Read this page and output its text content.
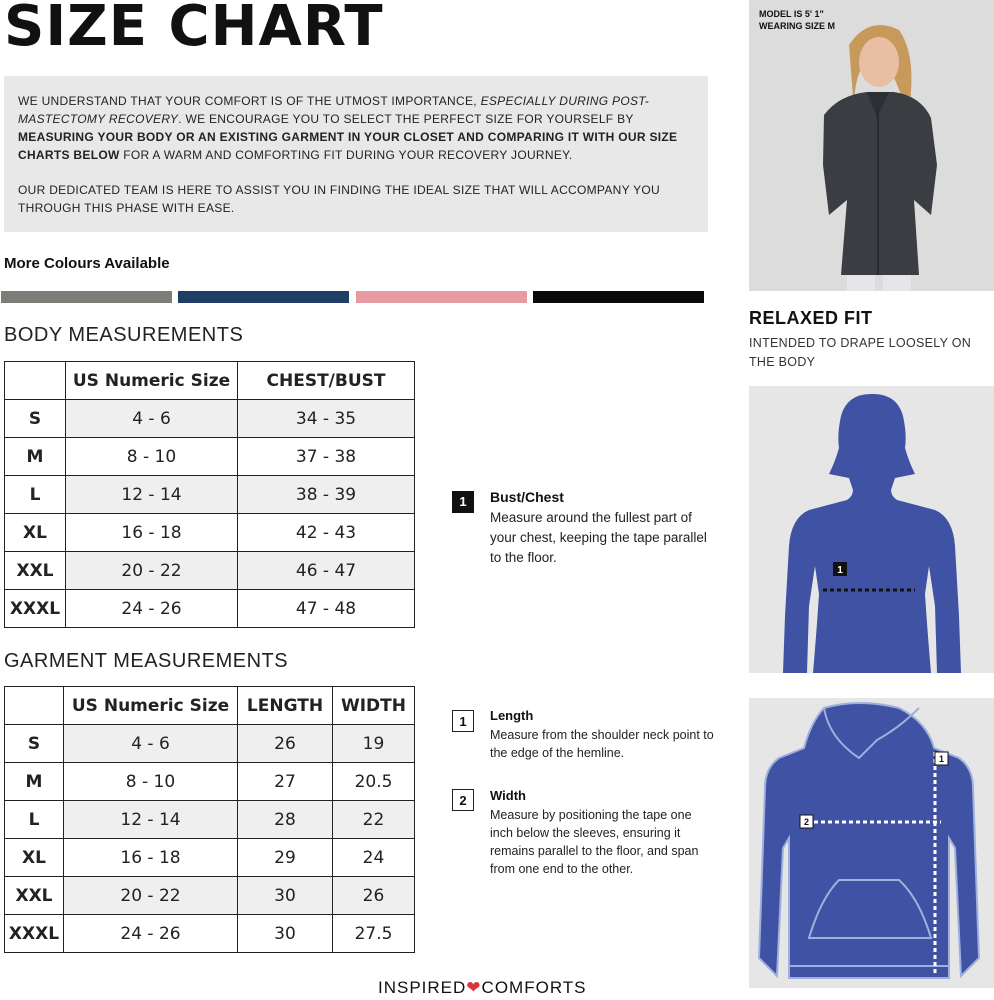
SIZE CHART

WE UNDERSTAND THAT YOUR COMFORT IS OF THE UTMOST IMPORTANCE, ESPECIALLY DURING POST-MASTECTOMY RECOVERY. WE ENCOURAGE YOU TO SELECT THE PERFECT SIZE FOR YOURSELF BY MEASURING YOUR BODY OR AN EXISTING GARMENT IN YOUR CLOSET AND COMPARING IT WITH OUR SIZE CHARTS BELOW FOR A WARM AND COMFORTING FIT DURING YOUR RECOVERY JOURNEY.

OUR DEDICATED TEAM IS HERE TO ASSIST YOU IN FINDING THE IDEAL SIZE THAT WILL ACCOMPANY YOU THROUGH THIS PHASE WITH EASE.

More Colours Available
BODY MEASUREMENTS
	US Numeric Size	CHEST/BUST
S	4 - 6	34 - 35
M	8 - 10	37 - 38
L	12 - 14	38 - 39
XL	16 - 18	42 - 43
XXL	20 - 22	46 - 47
XXXL	24 - 26	47 - 48
GARMENT MEASUREMENTS
	US Numeric Size	LENGTH	WIDTH
S	4 - 6	26	19
M	8 - 10	27	20.5
L	12 - 14	28	22
XL	16 - 18	29	24
XXL	20 - 22	30	26
XXXL	24 - 26	30	27.5
1	Bust/Chest
Measure around the fullest part of your chest, keeping the tape parallel to the floor.
1	Length
Measure from the shoulder neck point to the edge of the hemline.
2	Width
Measure by positioning the tape one inch below the sleeves, ensuring it remains parallel to the floor, and span from one end to the other.
MODEL IS 5' 1"
WEARING SIZE M
RELAXED FIT
INTENDED TO DRAPE LOOSELY ON THE BODY
1
1
2
INSPIRED❤COMFORTS
